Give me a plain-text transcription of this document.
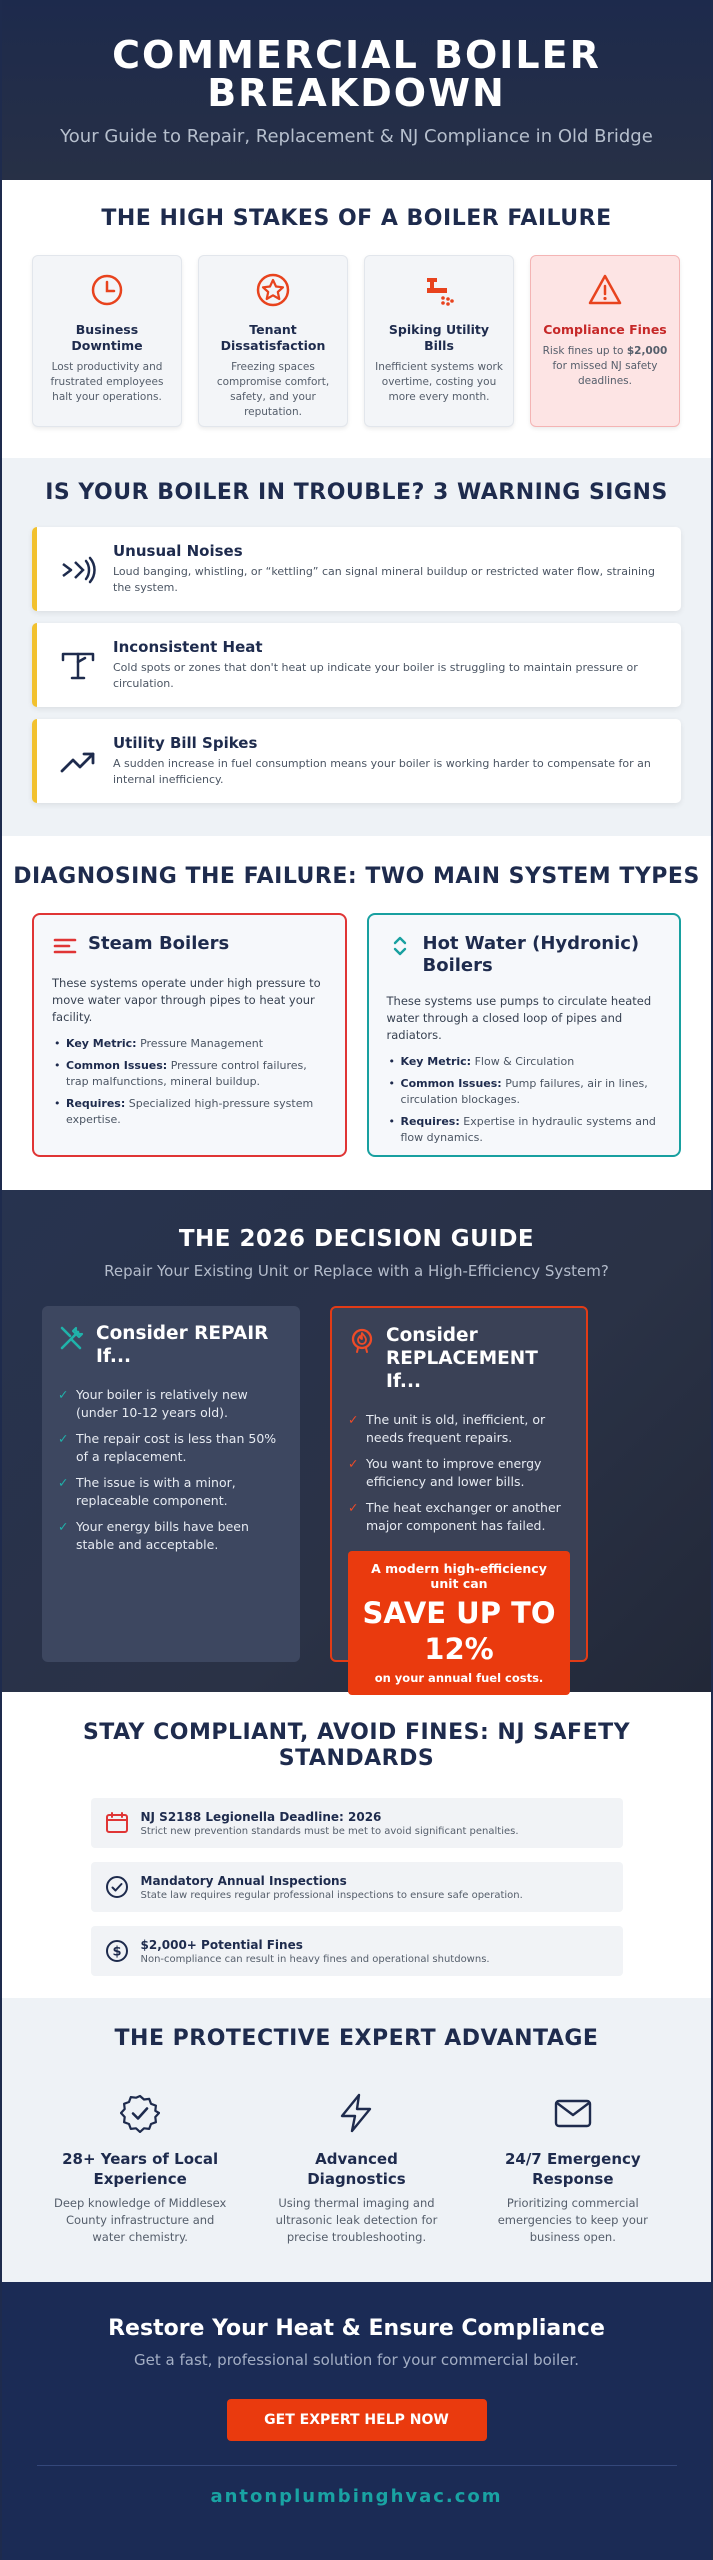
COMMERCIAL BOILER BREAKDOWN

Your Guide to Repair, Replacement & NJ Compliance in Old Bridge

THE HIGH STAKES OF A BOILER FAILURE
Business Downtime

Lost productivity and frustrated employees halt your operations.

Tenant Dissatisfaction

Freezing spaces compromise comfort, safety, and your reputation.

Spiking Utility Bills

Inefficient systems work overtime, costing you more every month.

Compliance Fines

Risk fines up to $2,000 for missed NJ safety deadlines.

IS YOUR BOILER IN TROUBLE? 3 WARNING SIGNS
Unusual Noises

Loud banging, whistling, or “kettling” can signal mineral buildup or restricted water flow, straining the system.

Inconsistent Heat

Cold spots or zones that don't heat up indicate your boiler is struggling to maintain pressure or circulation.

Utility Bill Spikes

A sudden increase in fuel consumption means your boiler is working harder to compensate for an internal inefficiency.

DIAGNOSING THE FAILURE: TWO MAIN SYSTEM TYPES
Steam Boilers

These systems operate under high pressure to move water vapor through pipes to heat your facility.

• Key Metric: Pressure Management
• Common Issues: Pressure control failures, trap malfunctions, mineral buildup.
• Requires: Specialized high-pressure system expertise.
Hot Water (Hydronic) Boilers

These systems use pumps to circulate heated water through a closed loop of pipes and radiators.

• Key Metric: Flow & Circulation
• Common Issues: Pump failures, air in lines, circulation blockages.
• Requires: Expertise in hydraulic systems and flow dynamics.
THE 2026 DECISION GUIDE

Repair Your Existing Unit or Replace with a High-Efficiency System?

Consider REPAIR If...
✓ Your boiler is relatively new (under 10-12 years old).
✓ The repair cost is less than 50% of a replacement.
✓ The issue is with a minor, replaceable component.
✓ Your energy bills have been stable and acceptable.
Consider REPLACEMENT If...
✓ The unit is old, inefficient, or needs frequent repairs.
✓ You want to improve energy efficiency and lower bills.
✓ The heat exchanger or another major component has failed.
A modern high-efficiency unit can
SAVE UP TO 12%
on your annual fuel costs.
STAY COMPLIANT, AVOID FINES: NJ SAFETY STANDARDS
NJ S2188 Legionella Deadline: 2026

Strict new prevention standards must be met to avoid significant penalties.

Mandatory Annual Inspections

State law requires regular professional inspections to ensure safe operation.

$ $2,000+ Potential Fines

Non-compliance can result in heavy fines and operational shutdowns.

THE PROTECTIVE EXPERT ADVANTAGE
28+ Years of Local Experience

Deep knowledge of Middlesex County infrastructure and water chemistry.

Advanced Diagnostics

Using thermal imaging and ultrasonic leak detection for precise troubleshooting.

24/7 Emergency Response

Prioritizing commercial emergencies to keep your business open.

Restore Your Heat & Ensure Compliance

Get a fast, professional solution for your commercial boiler.

GET EXPERT HELP NOW
antonplumbinghvac.com
